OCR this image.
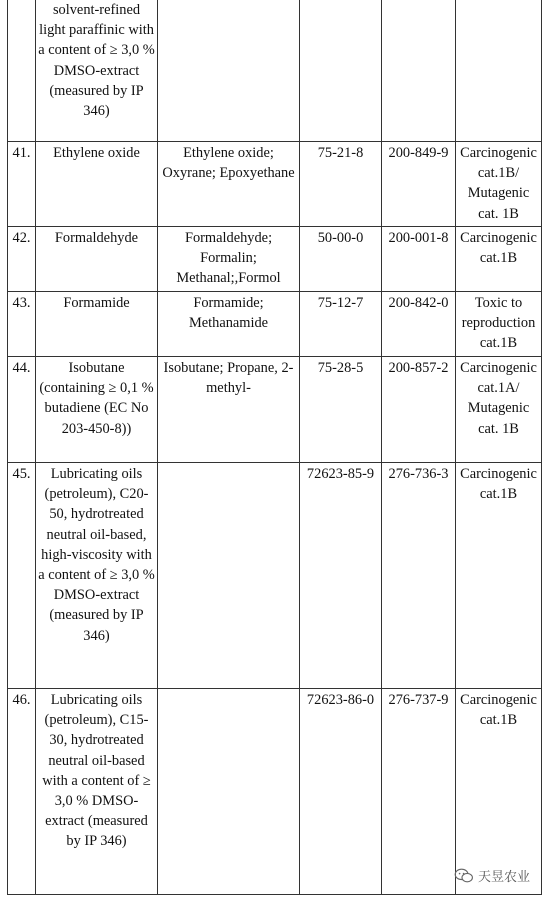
	solvent-refined light paraffinic with a content of ≥ 3,0 % DMSO-extract (measured by IP 346)				
41.	Ethylene oxide	Ethylene oxide; Oxyrane; Epoxyethane	75-21-8	200-849-9	Carcinogenic cat.1B/ Mutagenic cat. 1B
42.	Formaldehyde	Formaldehyde; Formalin; Methanal;,Formol	50-00-0	200-001-8	Carcinogenic cat.1B
43.	Formamide	Formamide; Methanamide	75-12-7	200-842-0	Toxic to reproduction cat.1B
44.	Isobutane (containing ≥ 0,1 % butadiene (EC No 203-450-8))	Isobutane; Propane, 2-methyl-	75-28-5	200-857-2	Carcinogenic cat.1A/ Mutagenic cat. 1B
45.	Lubricating oils (petroleum), C20-50, hydrotreated neutral oil-based, high-viscosity with a content of ≥ 3,0 % DMSO-extract (measured by IP 346)		72623-85-9	276-736-3	Carcinogenic cat.1B
46.	Lubricating oils (petroleum), C15-30, hydrotreated neutral oil-based with a content of ≥ 3,0 % DMSO-extract (measured by IP 346)		72623-86-0	276-737-9	Carcinogenic cat.1B
天昱农业
